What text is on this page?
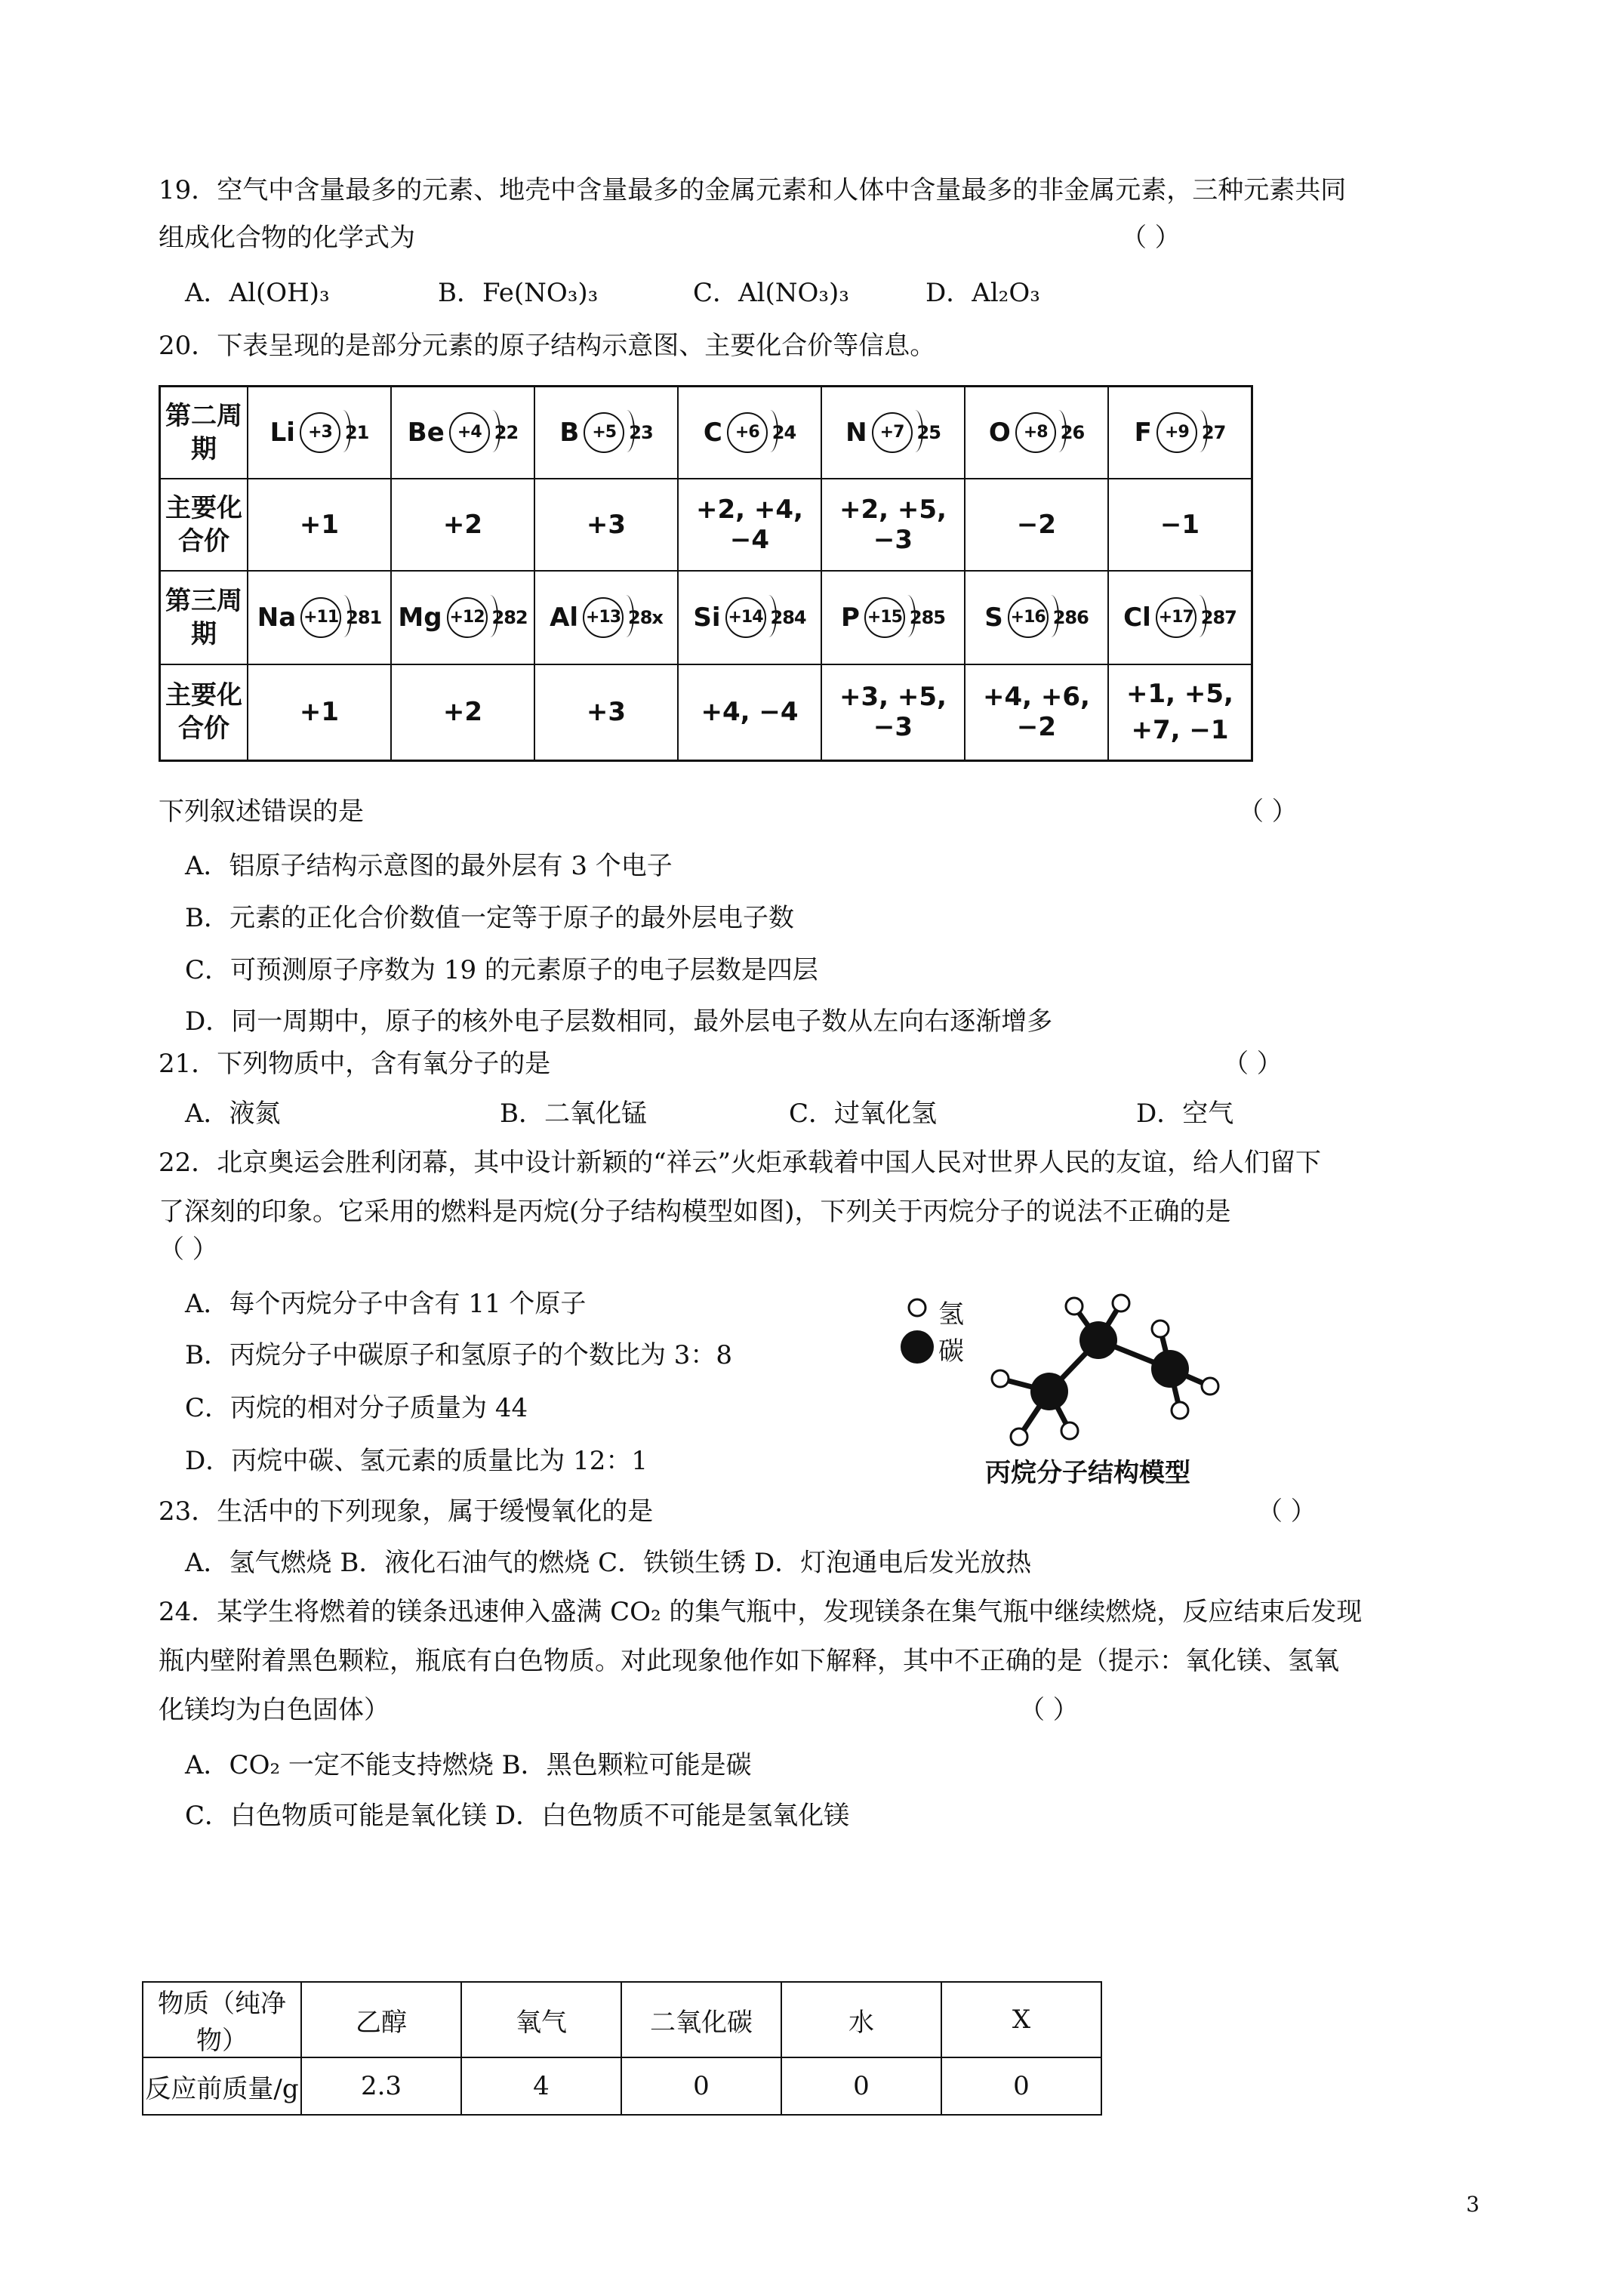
19．空气中含量最多的元素、地壳中含量最多的金属元素和人体中含量最多的非金属元素，三种元素共同
组成化合物的化学式为	（ ）
A．Al(OH)₃	B．Fe(NO₃)₃	C．Al(NO₃)₃	D．Al₂O₃
20．下表呈现的是部分元素的原子结构示意图、主要化合价等信息。
第二周期	Li +3 21	Be +4 22	B +5 23	C +6 24	N +7 25	O +8 26	F +9 27

主要化合价	+1	+2	+3	+2, +4, −4	+2, +5, −3	−2	−1
第三周期	Na +11 281	Mg +12 282	Al +13 28x	Si +14 284	P +15 285	S +16 286	Cl +17 287

主要化合价	+1	+2	+3	+4, −4	+3, +5, −3	+4, +6, −2	+1, +5,
+7, −1
下列叙述错误的是	（ ）
A．铝原子结构示意图的最外层有 3 个电子
B．元素的正化合价数值一定等于原子的最外层电子数
C．可预测原子序数为 19 的元素原子的电子层数是四层
D．同一周期中，原子的核外电子层数相同，最外层电子数从左向右逐渐增多
21．下列物质中，含有氧分子的是	（ ）
A．液氮	B．二氧化锰	C．过氧化氢	D．空气
22．北京奥运会胜利闭幕，其中设计新颖的“祥云”火炬承载着中国人民对世界人民的友谊，给人们留下
了深刻的印象。它采用的燃料是丙烷(分子结构模型如图)，下列关于丙烷分子的说法不正确的是
（ ）
A．每个丙烷分子中含有 11 个原子
B．丙烷分子中碳原子和氢原子的个数比为 3：8
C．丙烷的相对分子质量为 44
D．丙烷中碳、氢元素的质量比为 12：1
氢
碳
丙烷分子结构模型
23．生活中的下列现象，属于缓慢氧化的是	（ ）
A．氢气燃烧 B．液化石油气的燃烧 C．铁锁生锈 D．灯泡通电后发光放热
24．某学生将燃着的镁条迅速伸入盛满 CO₂ 的集气瓶中，发现镁条在集气瓶中继续燃烧，反应结束后发现
瓶内壁附着黑色颗粒，瓶底有白色物质。对此现象他作如下解释，其中不正确的是（提示：氧化镁、氢氧
化镁均为白色固体）	（ ）
A．CO₂ 一定不能支持燃烧 B．黑色颗粒可能是碳
C．白色物质可能是氧化镁 D．白色物质不可能是氢氧化镁
物质（纯净物）	乙醇	氧气	二氧化碳	水	X
反应前质量/g	2.3	4	0	0	0
3
